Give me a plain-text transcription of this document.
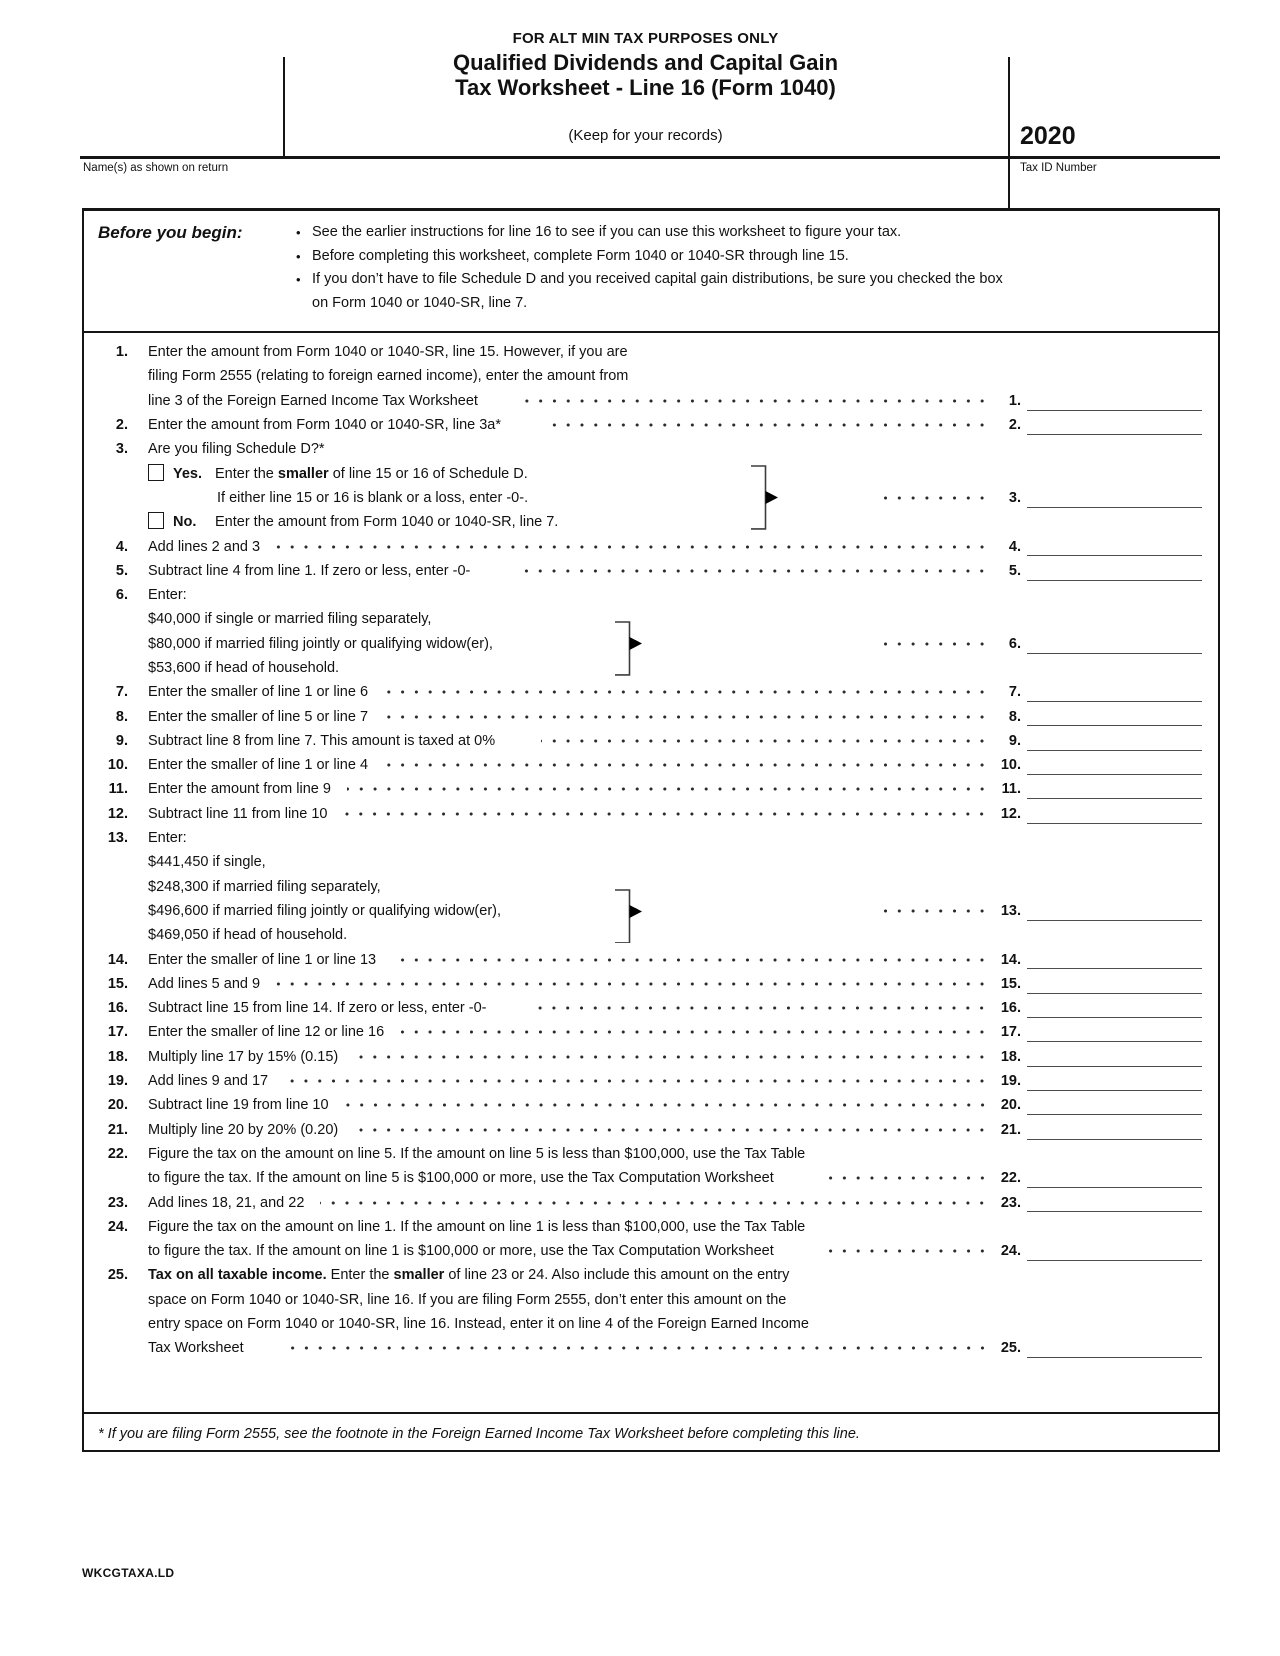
FOR ALT MIN TAX PURPOSES ONLY
Qualified Dividends and Capital Gain
Tax Worksheet - Line 16 (Form 1040)
(Keep for your records)	2020
Name(s) as shown on return	Tax ID Number
Before you begin:	• See the earlier instructions for line 16 to see if you can use this worksheet to figure your tax.
• Before completing this worksheet, complete Form 1040 or 1040-SR through line 15.
• If you don’t have to file Schedule D and you received capital gain distributions, be sure you checked the box
on Form 1040 or 1040-SR, line 7.
1. Enter the amount from Form 1040 or 1040-SR, line 15. However, if you are
filing Form 2555 (relating to foreign earned income), enter the amount from
line 3 of the Foreign Earned Income Tax Worksheet	1.
2. Enter the amount from Form 1040 or 1040-SR, line 3a*	2.
3. Are you filing Schedule D?*
Yes. Enter the smaller of line 15 or 16 of Schedule D.
If either line 15 or 16 is blank or a loss, enter -0-.	3.
No.	Enter the amount from Form 1040 or 1040-SR, line 7.
4. Add lines 2 and 3	4.
5. Subtract line 4 from line 1. If zero or less, enter -0-	5.
6. Enter:
$40,000 if single or married filing separately,
$80,000 if married filing jointly or qualifying widow(er),	6.
$53,600 if head of household.
7. Enter the smaller of line 1 or line 6	7.
8. Enter the smaller of line 5 or line 7	8.
9. Subtract line 8 from line 7. This amount is taxed at 0%	9.
10. Enter the smaller of line 1 or line 4	10.
11. Enter the amount from line 9	11.
12. Subtract line 11 from line 10	12.
13. Enter:
$441,450 if single,
$248,300 if married filing separately,
$496,600 if married filing jointly or qualifying widow(er),	13.
$469,050 if head of household.
14. Enter the smaller of line 1 or line 13	14.
15. Add lines 5 and 9	15.
16. Subtract line 15 from line 14. If zero or less, enter -0-	16.
17. Enter the smaller of line 12 or line 16	17.
18. Multiply line 17 by 15% (0.15)	18.
19. Add lines 9 and 17	19.
20. Subtract line 19 from line 10	20.
21. Multiply line 20 by 20% (0.20)	21.
22. Figure the tax on the amount on line 5. If the amount on line 5 is less than $100,000, use the Tax Table
to figure the tax. If the amount on line 5 is $100,000 or more, use the Tax Computation Worksheet	22.
23. Add lines 18, 21, and 22	23.
24. Figure the tax on the amount on line 1. If the amount on line 1 is less than $100,000, use the Tax Table
to figure the tax. If the amount on line 1 is $100,000 or more, use the Tax Computation Worksheet	24.
25. Tax on all taxable income. Enter the smaller of line 23 or 24. Also include this amount on the entry
space on Form 1040 or 1040-SR, line 16. If you are filing Form 2555, don’t enter this amount on the
entry space on Form 1040 or 1040-SR, line 16. Instead, enter it on line 4 of the Foreign Earned Income
Tax Worksheet	25.
* If you are filing Form 2555, see the footnote in the Foreign Earned Income Tax Worksheet before completing this line.
WKCGTAXA.LD
